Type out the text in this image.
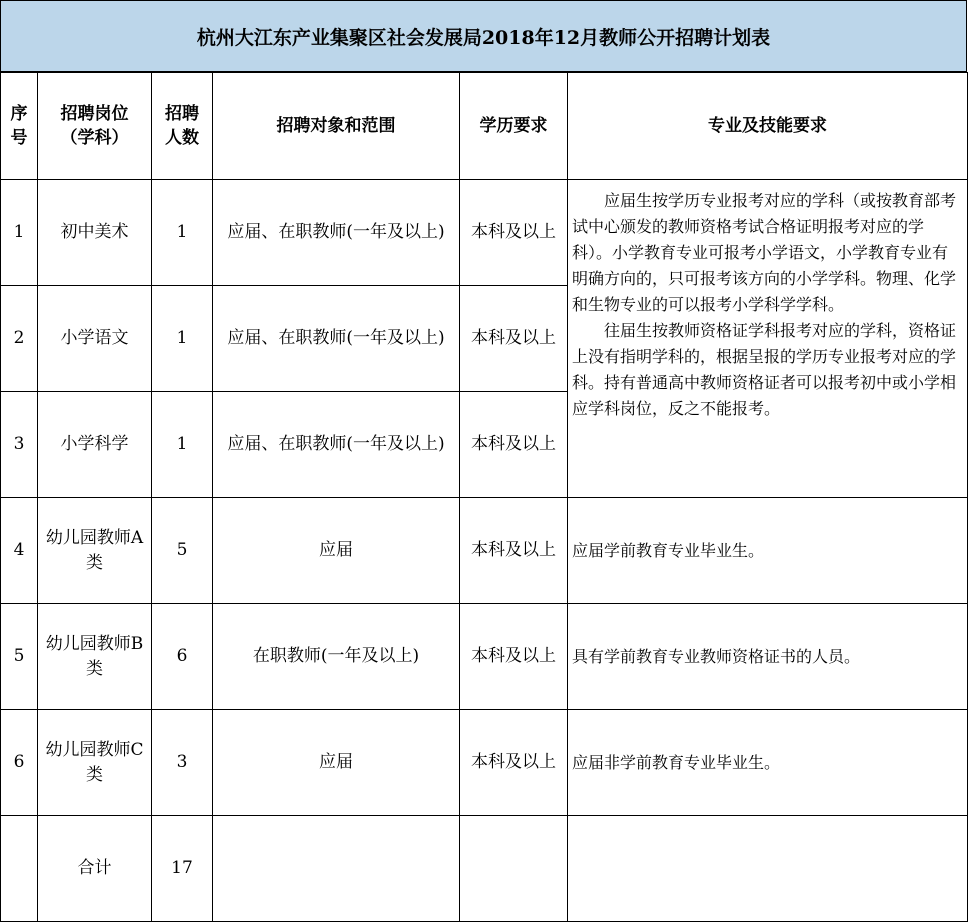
杭州大江东产业集聚区社会发展局2018年12月教师公开招聘计划表
序号	招聘岗位（学科）	招聘人数	招聘对象和范围	学历要求	专业及技能要求
1	初中美术	1	应届、在职教师(一年及以上)	本科及以上	应届生按学历专业报考对应的学科（或按教育部考试中心颁发的教师资格考试合格证明报考对应的学科）。小学教育专业可报考小学语文，小学教育专业有明确方向的，只可报考该方向的小学学科。物理、化学和生物专业的可以报考小学科学学科。

往届生按教师资格证学科报考对应的学科，资格证上没有指明学科的，根据呈报的学历专业报考对应的学科。持有普通高中教师资格证者可以报考初中或小学相应学科岗位，反之不能报考。

2	小学语文	1	应届、在职教师(一年及以上)	本科及以上	
3	小学科学	1	应届、在职教师(一年及以上)	本科及以上	
4	幼儿园教师A类	5	应届	本科及以上	应届学前教育专业毕业生。
5	幼儿园教师B类	6	在职教师(一年及以上)	本科及以上	具有学前教育专业教师资格证书的人员。
6	幼儿园教师C类	3	应届	本科及以上	应届非学前教育专业毕业生。
	合计	17			
